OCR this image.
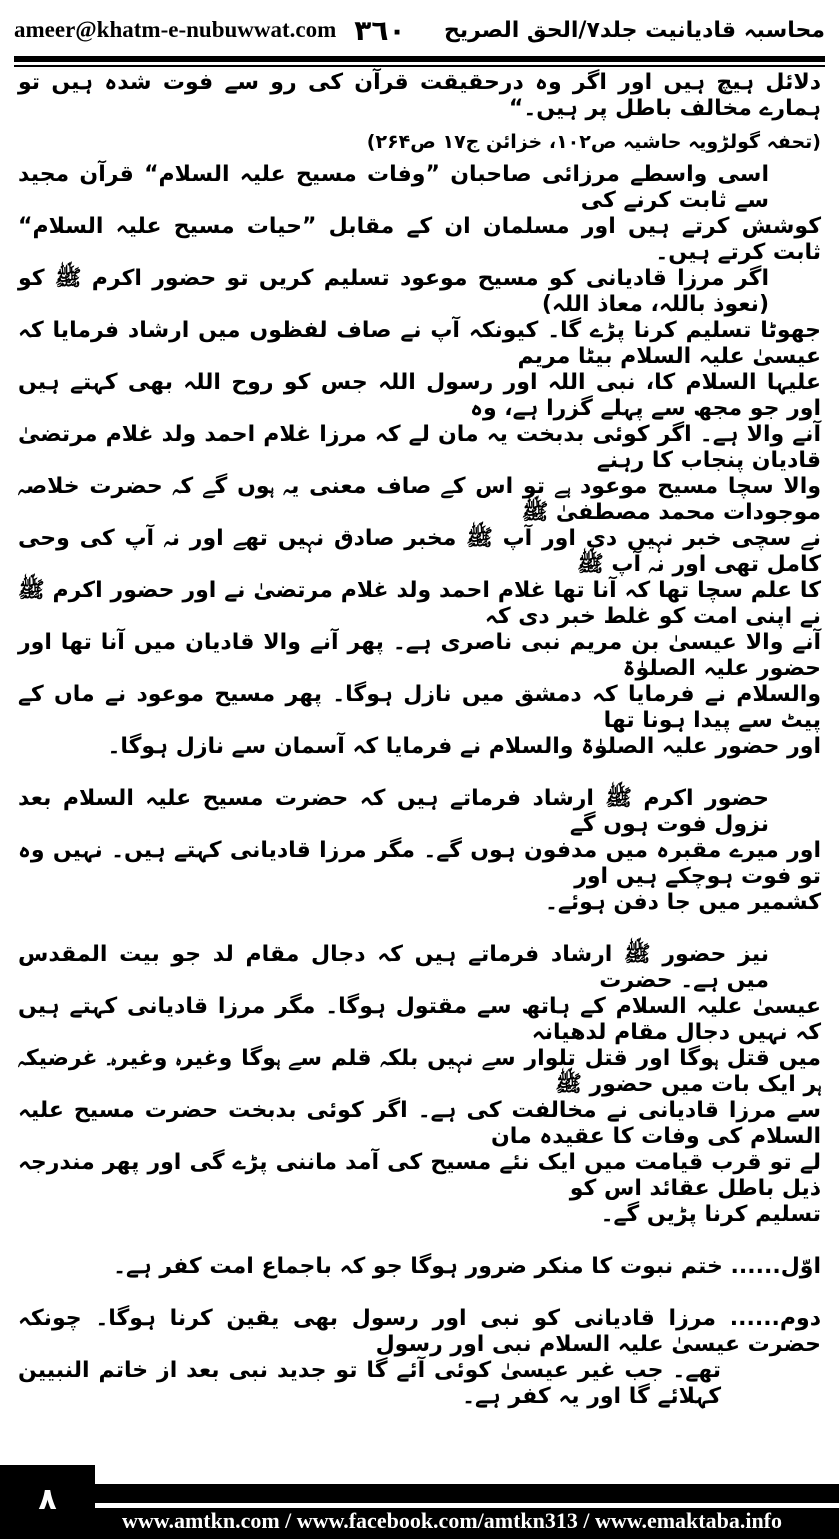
ameer@khatm-e-nubuwwat.com ٣٦٠ محاسبہ قادیانیت جلد۷/الحق الصریح
دلائل ہیچ ہیں اور اگر وہ درحقیقت قرآن کی رو سے فوت شدہ ہیں تو ہمارے مخالف باطل پر ہیں۔“
(تحفہ گولڑویہ حاشیہ ص۱۰۲، خزائن ج۱۷ ص۲۶۴)
اسی واسطے مرزائی صاحبان ”وفات مسیح علیہ السلام“ قرآن مجید سے ثابت کرنے کی
کوشش کرتے ہیں اور مسلمان ان کے مقابل ”حیات مسیح علیہ السلام“ ثابت کرتے ہیں۔
اگر مرزا قادیانی کو مسیح موعود تسلیم کریں تو حضور اکرم ﷺ کو (نعوذ باللہ، معاذ اللہ)
جھوٹا تسلیم کرنا پڑے گا۔ کیونکہ آپ نے صاف لفظوں میں ارشاد فرمایا کہ عیسیٰ علیہ السلام بیٹا مریم
علیہا السلام کا، نبی اللہ اور رسول اللہ جس کو روح اللہ بھی کہتے ہیں اور جو مجھ سے پہلے گزرا ہے، وہ
آنے والا ہے۔ اگر کوئی بدبخت یہ مان لے کہ مرزا غلام احمد ولد غلام مرتضیٰ قادیان پنجاب کا رہنے
والا سچا مسیح موعود ہے تو اس کے صاف معنی یہ ہوں گے کہ حضرت خلاصہ موجودات محمد مصطفیٰ ﷺ
نے سچی خبر نہیں دی اور آپ ﷺ مخبر صادق نہیں تھے اور نہ آپ کی وحی کامل تھی اور نہ آپ ﷺ
کا علم سچا تھا کہ آنا تھا غلام احمد ولد غلام مرتضیٰ نے اور حضور اکرم ﷺ نے اپنی امت کو غلط خبر دی کہ
آنے والا عیسیٰ بن مریم نبی ناصری ہے۔ پھر آنے والا قادیان میں آنا تھا اور حضور علیہ الصلوٰۃ
والسلام نے فرمایا کہ دمشق میں نازل ہوگا۔ پھر مسیح موعود نے ماں کے پیٹ سے پیدا ہونا تھا
اور حضور علیہ الصلوٰۃ والسلام نے فرمایا کہ آسمان سے نازل ہوگا۔
حضور اکرم ﷺ ارشاد فرماتے ہیں کہ حضرت مسیح علیہ السلام بعد نزول فوت ہوں گے
اور میرے مقبرہ میں مدفون ہوں گے۔ مگر مرزا قادیانی کہتے ہیں۔ نہیں وہ تو فوت ہوچکے ہیں اور
کشمیر میں جا دفن ہوئے۔
نیز حضور ﷺ ارشاد فرماتے ہیں کہ دجال مقام لد جو بیت المقدس میں ہے۔ حضرت
عیسیٰ علیہ السلام کے ہاتھ سے مقتول ہوگا۔ مگر مرزا قادیانی کہتے ہیں کہ نہیں دجال مقام لدھیانہ
میں قتل ہوگا اور قتل تلوار سے نہیں بلکہ قلم سے ہوگا وغیرہ وغیرہ۔ غرضیکہ ہر ایک بات میں حضور ﷺ
سے مرزا قادیانی نے مخالفت کی ہے۔ اگر کوئی بدبخت حضرت مسیح علیہ السلام کی وفات کا عقیدہ مان
لے تو قرب قیامت میں ایک نئے مسیح کی آمد ماننی پڑے گی اور پھر مندرجہ ذیل باطل عقائد اس کو
تسلیم کرنا پڑیں گے۔
اوّل...... ختم نبوت کا منکر ضرور ہوگا جو کہ باجماع امت کفر ہے۔
دوم...... مرزا قادیانی کو نبی اور رسول بھی یقین کرنا ہوگا۔ چونکہ حضرت عیسیٰ علیہ السلام نبی اور رسول
تھے۔ جب غیر عیسیٰ کوئی آئے گا تو جدید نبی بعد از خاتم النبیین کہلائے گا اور یہ کفر ہے۔
www.amtkn.com / www.facebook.com/amtkn313 / www.emaktaba.info
٨
